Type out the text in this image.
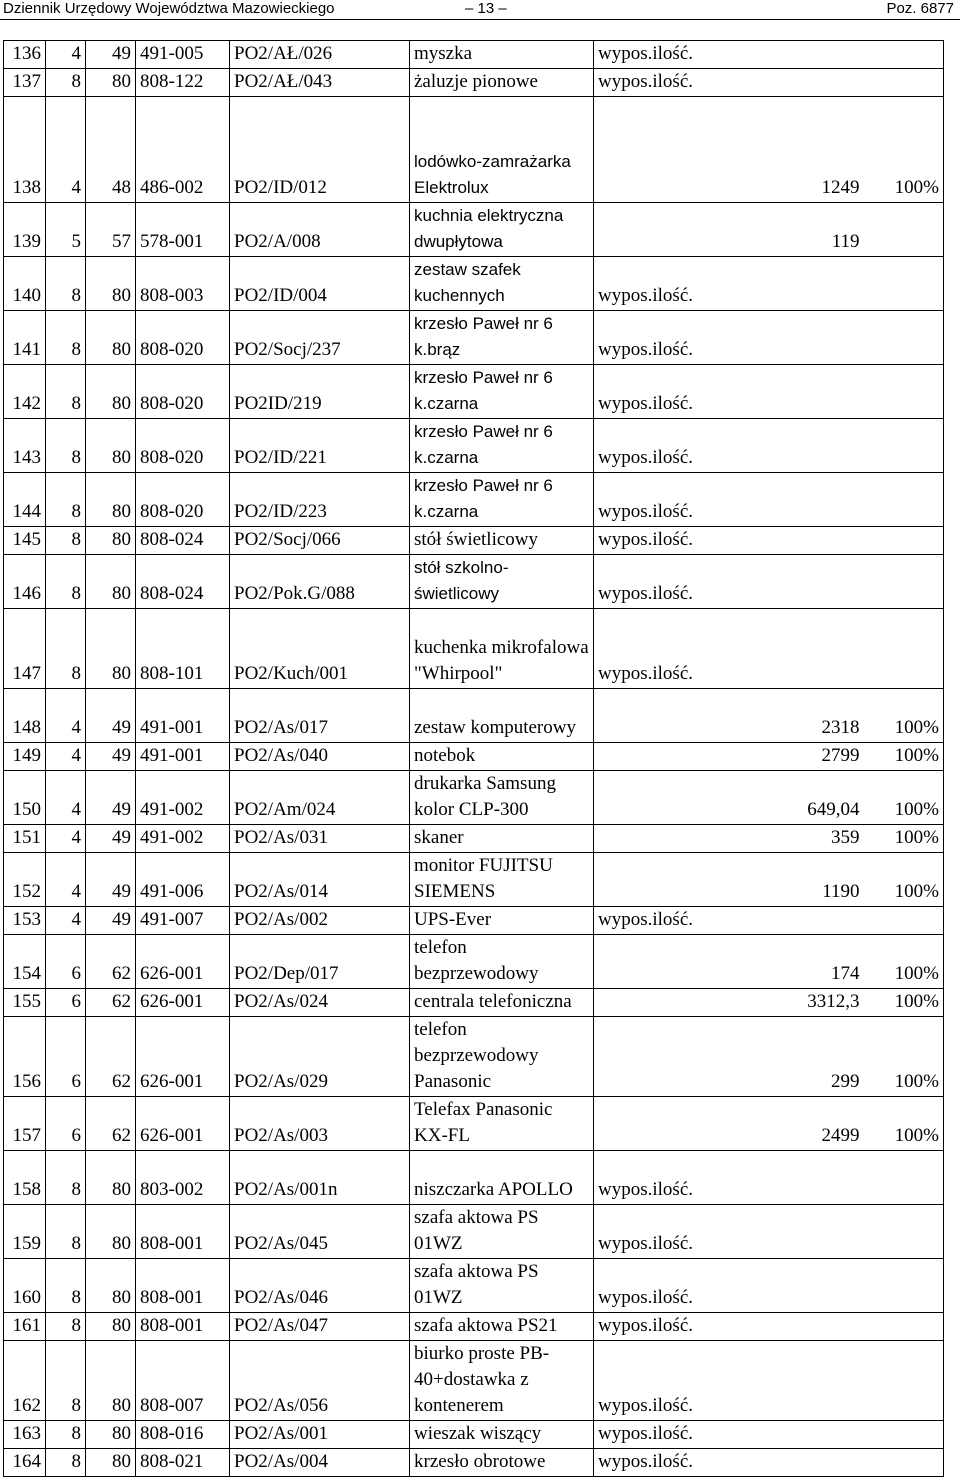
Dziennik Urzędowy Województwa Mazowieckiego	– 13 –	Poz. 6877
136	4	49	491-005	PO2/AŁ/026	myszka	wypos.ilość.		
137	8	80	808-122	PO2/AŁ/043	żaluzje pionowe	wypos.ilość.		
138	4	48	486-002	PO2/ID/012	lodówko-zamrażarka Elektrolux		1249	100%
139	5	57	578-001	PO2/A/008	kuchnia elektryczna dwupłytowa		119	
140	8	80	808-003	PO2/ID/004	zestaw szafek kuchennych	wypos.ilość.		
141	8	80	808-020	PO2/Socj/237	krzesło Paweł nr 6 k.brąz	wypos.ilość.		
142	8	80	808-020	PO2ID/219	krzesło Paweł nr 6 k.czarna	wypos.ilość.		
143	8	80	808-020	PO2/ID/221	krzesło Paweł nr 6 k.czarna	wypos.ilość.		
144	8	80	808-020	PO2/ID/223	krzesło Paweł nr 6 k.czarna	wypos.ilość.		
145	8	80	808-024	PO2/Socj/066	stół świetlicowy	wypos.ilość.		
146	8	80	808-024	PO2/Pok.G/088	stół szkolno-świetlicowy	wypos.ilość.		
147	8	80	808-101	PO2/Kuch/001	kuchenka mikrofalowa "Whirpool"	wypos.ilość.		
148	4	49	491-001	PO2/As/017	zestaw komputerowy		2318	100%
149	4	49	491-001	PO2/As/040	notebok		2799	100%
150	4	49	491-002	PO2/Am/024	drukarka Samsung kolor CLP-300		649,04	100%
151	4	49	491-002	PO2/As/031	skaner		359	100%
152	4	49	491-006	PO2/As/014	monitor FUJITSU SIEMENS		1190	100%
153	4	49	491-007	PO2/As/002	UPS-Ever	wypos.ilość.		
154	6	62	626-001	PO2/Dep/017	telefon bezprzewodowy		174	100%
155	6	62	626-001	PO2/As/024	centrala telefoniczna		3312,3	100%
156	6	62	626-001	PO2/As/029	telefon bezprzewodowy Panasonic		299	100%
157	6	62	626-001	PO2/As/003	Telefax Panasonic KX-FL		2499	100%
158	8	80	803-002	PO2/As/001n	niszczarka APOLLO	wypos.ilość.		
159	8	80	808-001	PO2/As/045	szafa aktowa PS 01WZ	wypos.ilość.		
160	8	80	808-001	PO2/As/046	szafa aktowa PS 01WZ	wypos.ilość.		
161	8	80	808-001	PO2/As/047	szafa aktowa PS21	wypos.ilość.		
162	8	80	808-007	PO2/As/056	biurko proste PB-40+dostawka z kontenerem	wypos.ilość.		
163	8	80	808-016	PO2/As/001	wieszak wiszący	wypos.ilość.		
164	8	80	808-021	PO2/As/004	krzesło obrotowe	wypos.ilość.		
